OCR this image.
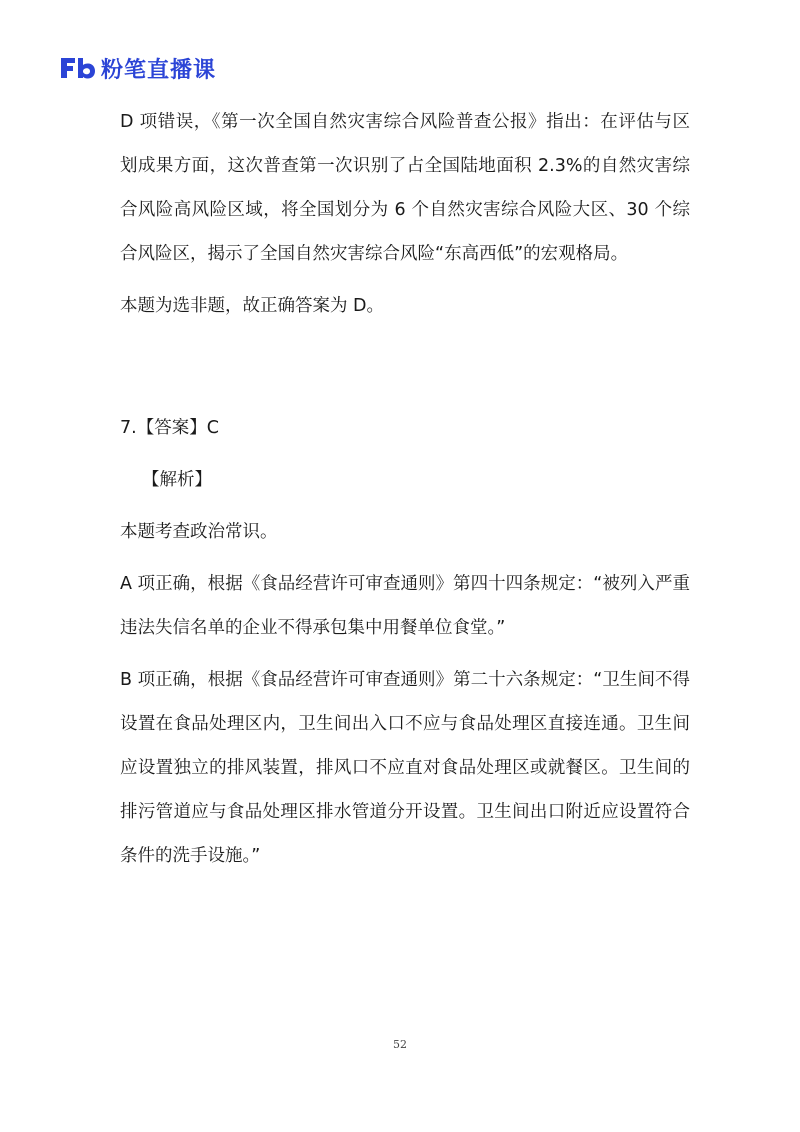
粉笔直播课

D 项错误，《第一次全国自然灾害综合风险普查公报》指出：在评估与区划成果方面，这次普查第一次识别了占全国陆地面积 2.3%的自然灾害综合风险高风险区域，将全国划分为 6 个自然灾害综合风险大区、30 个综合风险区，揭示了全国自然灾害综合风险“东高西低”的宏观格局。

本题为选非题，故正确答案为 D。

7.【答案】C

【解析】

本题考查政治常识。

A 项正确，根据《食品经营许可审查通则》第四十四条规定：“被列入严重违法失信名单的企业不得承包集中用餐单位食堂。”

B 项正确，根据《食品经营许可审查通则》第二十六条规定：“卫生间不得设置在食品处理区内，卫生间出入口不应与食品处理区直接连通。卫生间应设置独立的排风装置，排风口不应直对食品处理区或就餐区。卫生间的排污管道应与食品处理区排水管道分开设置。卫生间出口附近应设置符合条件的洗手设施。”

52
